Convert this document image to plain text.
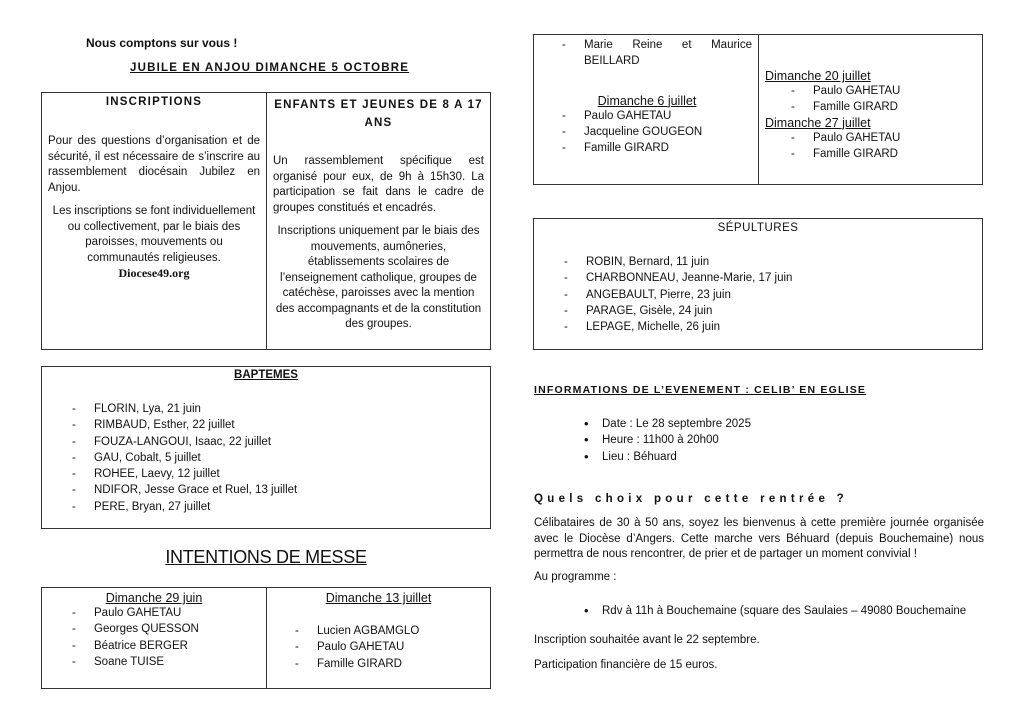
Nous comptons sur vous !
JUBILE EN ANJOU DIMANCHE 5 OCTOBRE
INSCRIPTIONS

Pour des questions d’organisation et de sécurité, il est nécessaire de s’inscrire au rassemblement diocésain Jubilez en Anjou.

Les inscriptions se font individuellement ou collectivement, par le biais des paroisses, mouvements ou communautés religieuses.

Diocese49.org

ENFANTS ET JEUNES DE 8 A 17 ANS

Un rassemblement spécifique est organisé pour eux, de 9h à 15h30. La participation se fait dans le cadre de groupes constitués et encadrés.

Inscriptions uniquement par le biais des mouvements, aumôneries, établissements scolaires de l’enseignement catholique, groupes de catéchèse, paroisses avec la mention des accompagnants et de la constitution des groupes.

BAPTEMES
- FLORIN, Lya, 21 juin
- RIMBAUD, Esther, 22 juillet
- FOUZA-LANGOUI, Isaac, 22 juillet
- GAU, Cobalt, 5 juillet
- ROHEE, Laevy, 12 juillet
- NDIFOR, Jesse Grace et Ruel, 13 juillet
- PERE, Bryan, 27 juillet
INTENTIONS DE MESSE
Dimanche 29 juin
- Paulo GAHETAU
- Georges QUESSON
- Béatrice BERGER
- Soane TUISE
Dimanche 13 juillet
- Lucien AGBAMGLO
- Paulo GAHETAU
- Famille GIRARD
- Marie Reine et Maurice BEILLARD
Dimanche 6 juillet
- Paulo GAHETAU
- Jacqueline GOUGEON
- Famille GIRARD
Dimanche 20 juillet
- Paulo GAHETAU
- Famille GIRARD
Dimanche 27 juillet
- Paulo GAHETAU
- Famille GIRARD
SÉPULTURES
- ROBIN, Bernard, 11 juin
- CHARBONNEAU, Jeanne-Marie, 17 juin
- ANGEBAULT, Pierre, 23 juin
- PARAGE, Gisèle, 24 juin
- LEPAGE, Michelle, 26 juin
INFORMATIONS DE L’EVENEMENT : CELIB’ EN EGLISE
• Date : Le 28 septembre 2025
• Heure : 11h00 à 20h00
• Lieu : Béhuard
Quels choix pour cette rentrée ?

Célibataires de 30 à 50 ans, soyez les bienvenus à cette première journée organisée avec le Diocèse d’Angers. Cette marche vers Béhuard (depuis Bouchemaine) nous permettra de nous rencontrer, de prier et de partager un moment convivial !

Au programme :
• Rdv à 11h à Bouchemaine (square des Saulaies – 49080 Bouchemaine
Inscription souhaitée avant le 22 septembre.
Participation financière de 15 euros.
